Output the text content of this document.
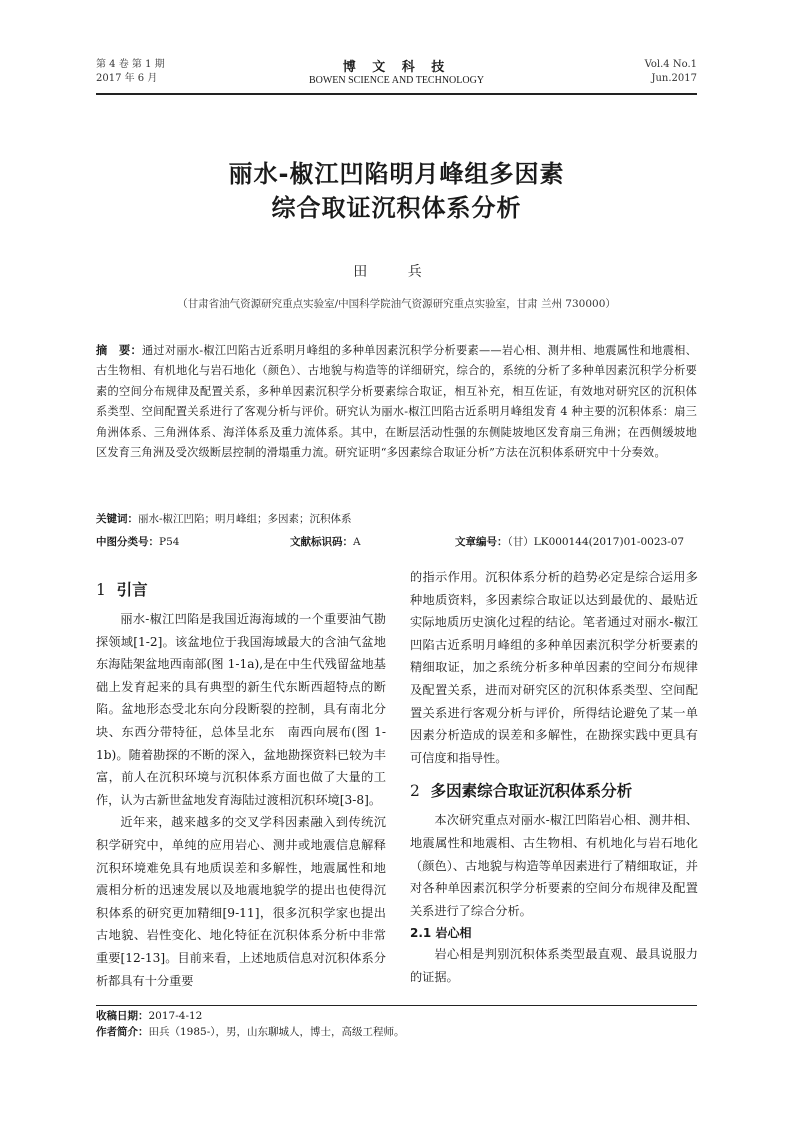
第 4 卷 第 1 期
2017 年 6 月
博 文 科 技
BOWEN SCIENCE AND TECHNOLOGY
Vol.4 No.1
Jun.2017
丽水-椒江凹陷明月峰组多因素
综合取证沉积体系分析
田 兵
（甘肃省油气资源研究重点实验室/中国科学院油气资源研究重点实验室，甘肃 兰州 730000）
摘　要：通过对丽水-椒江凹陷古近系明月峰组的多种单因素沉积学分析要素——岩心相、测井相、地震属性和地震相、古生物相、有机地化与岩石地化（颜色）、古地貌与构造等的详细研究，综合的，系统的分析了多种单因素沉积学分析要素的空间分布规律及配置关系，多种单因素沉积学分析要素综合取证，相互补充，相互佐证，有效地对研究区的沉积体系类型、空间配置关系进行了客观分析与评价。研究认为丽水-椒江凹陷古近系明月峰组发育 4 种主要的沉积体系：扇三角洲体系、三角洲体系、海洋体系及重力流体系。其中，在断层活动性强的东侧陡坡地区发育扇三角洲；在西侧缓坡地区发育三角洲及受次级断层控制的滑塌重力流。研究证明“多因素综合取证分析”方法在沉积体系研究中十分奏效。
关键词：丽水-椒江凹陷；明月峰组；多因素；沉积体系
中图分类号：P54	文献标识码：A	文章编号：（甘）LK000144(2017)01-0023-07
1 引言

丽水-椒江凹陷是我国近海海域的一个重要油气勘探领域[1-2]。该盆地位于我国海域最大的含油气盆地东海陆架盆地西南部(图 1-1a),是在中生代残留盆地基础上发育起来的具有典型的新生代东断西超特点的断陷。盆地形态受北东向分段断裂的控制，具有南北分块、东西分带特征，总体呈北东　南西向展布(图 1-1b)。随着勘探的不断的深入，盆地勘探资料已较为丰富，前人在沉积环境与沉积体系方面也做了大量的工作，认为古新世盆地发育海陆过渡相沉积环境[3-8]。

近年来，越来越多的交叉学科因素融入到传统沉积学研究中，单纯的应用岩心、测井或地震信息解释沉积环境难免具有地质误差和多解性，地震属性和地震相分析的迅速发展以及地震地貌学的提出也使得沉积体系的研究更加精细[9-11]，很多沉积学家也提出古地貌、岩性变化、地化特征在沉积体系分析中非常重要[12-13]。目前来看，上述地质信息对沉积体系分析都具有十分重要

的指示作用。沉积体系分析的趋势必定是综合运用多种地质资料，多因素综合取证以达到最优的、最贴近实际地质历史演化过程的结论。笔者通过对丽水-椒江凹陷古近系明月峰组的多种单因素沉积学分析要素的精细取证，加之系统分析多种单因素的空间分布规律及配置关系，进而对研究区的沉积体系类型、空间配置关系进行客观分析与评价，所得结论避免了某一单因素分析造成的误差和多解性，在勘探实践中更具有可信度和指导性。

2 多因素综合取证沉积体系分析

本次研究重点对丽水-椒江凹陷岩心相、测井相、地震属性和地震相、古生物相、有机地化与岩石地化（颜色）、古地貌与构造等单因素进行了精细取证，并对各种单因素沉积学分析要素的空间分布规律及配置关系进行了综合分析。

2.1 岩心相

岩心相是判别沉积体系类型最直观、最具说服力的证据。

收稿日期：2017-4-12
作者简介：田兵（1985-），男，山东聊城人，博士，高级工程师。
